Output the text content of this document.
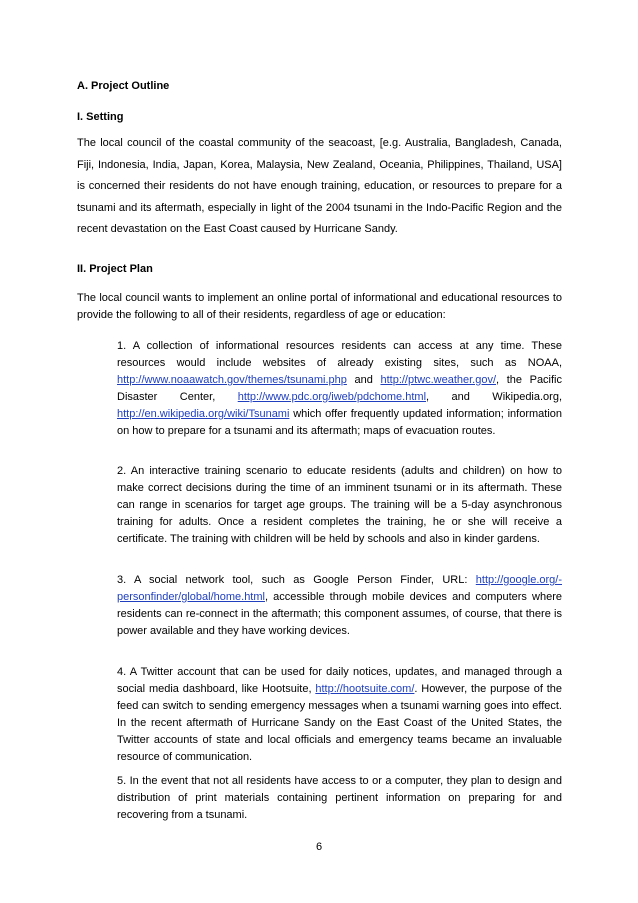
A. Project Outline
I. Setting
The local council of the coastal community of the seacoast, [e.g. Australia, Bangladesh, Canada, Fiji, Indonesia, India, Japan, Korea, Malaysia, New Zealand, Oceania, Philippines, Thailand, USA] is concerned their residents do not have enough training, education, or resources to prepare for a tsunami and its aftermath, especially in light of the 2004 tsunami in the Indo-Pacific Region and the recent devastation on the East Coast caused by Hurricane Sandy.
II. Project Plan
The local council wants to implement an online portal of informational and educational resources to provide the following to all of their residents, regardless of age or education:
1. A collection of informational resources residents can access at any time. These resources would include websites of already existing sites, such as NOAA, http://www.noaawatch.gov/themes/tsunami.php and http://ptwc.weather.gov/, the Pacific Disaster Center, http://www.pdc.org/iweb/pdchome.html, and Wikipedia.org, http://en.wikipedia.org/wiki/Tsunami which offer frequently updated information; information on how to prepare for a tsunami and its aftermath; maps of evacuation routes.
2. An interactive training scenario to educate residents (adults and children) on how to make correct decisions during the time of an imminent tsunami or in its aftermath. These can range in scenarios for target age groups. The training will be a 5-day asynchronous training for adults. Once a resident completes the training, he or she will receive a certificate. The training with children will be held by schools and also in kinder gardens.
3. A social network tool, such as Google Person Finder, URL: http://google.org/-personfinder/global/home.html, accessible through mobile devices and computers where residents can re-connect in the aftermath; this component assumes, of course, that there is power available and they have working devices.
4. A Twitter account that can be used for daily notices, updates, and managed through a social media dashboard, like Hootsuite, http://hootsuite.com/. However, the purpose of the feed can switch to sending emergency messages when a tsunami warning goes into effect. In the recent aftermath of Hurricane Sandy on the East Coast of the United States, the Twitter accounts of state and local officials and emergency teams became an invaluable resource of communication.
5. In the event that not all residents have access to or a computer, they plan to design and distribution of print materials containing pertinent information on preparing for and recovering from a tsunami.
6
